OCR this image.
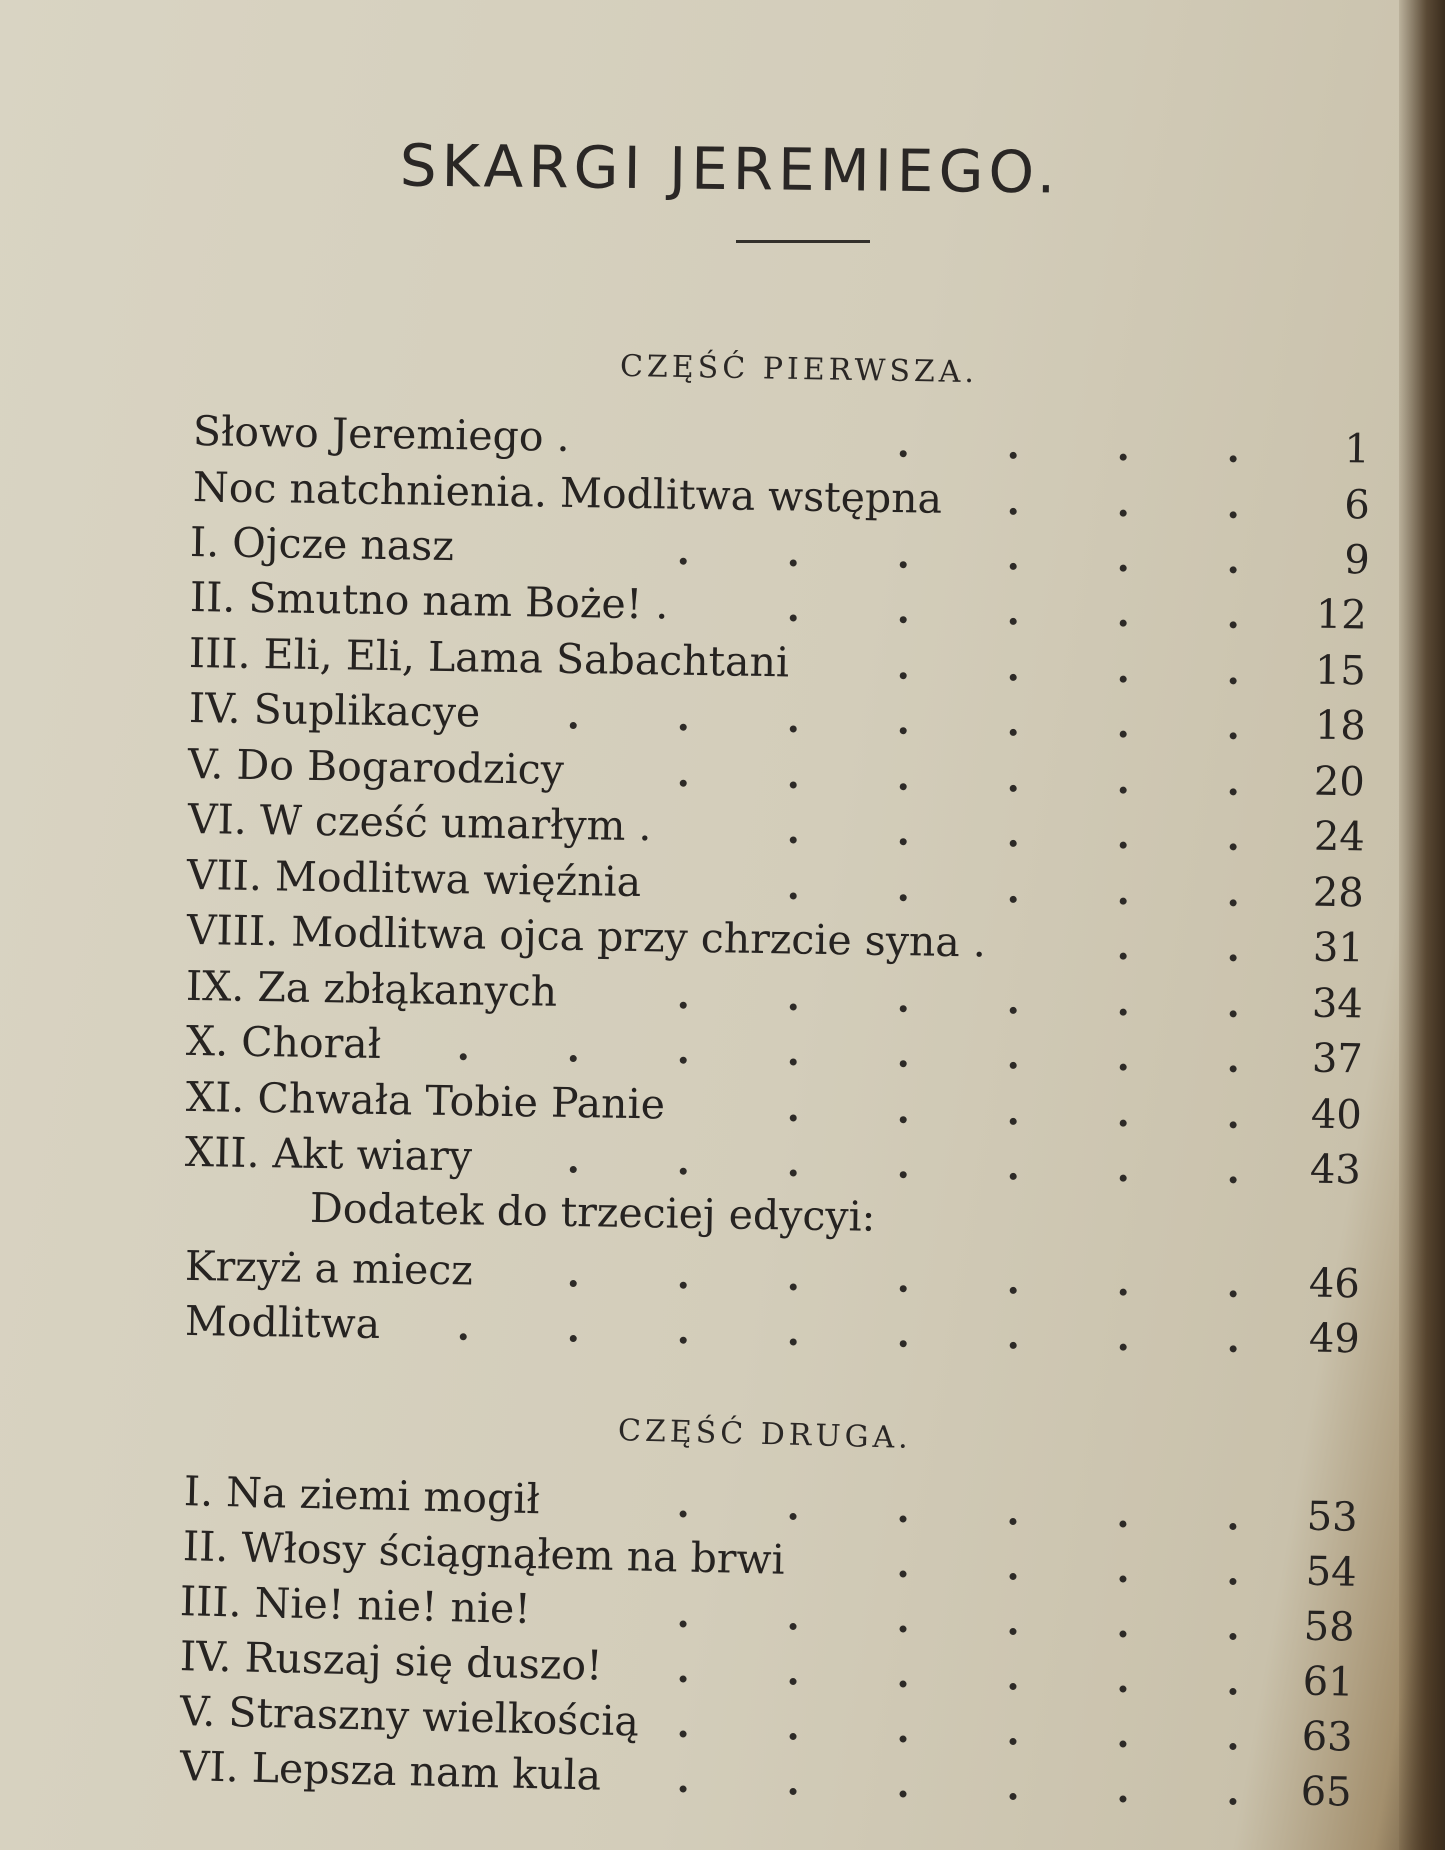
SKARGI JEREMIEGO.
CZĘŚĆ PIERWSZA.
Słowo Jeremiego .	1
Noc natchnienia. Modlitwa wstępna	6
I. Ojcze nasz	9
II. Smutno nam Boże! .	12
III. Eli, Eli, Lama Sabachtani	15
IV. Suplikacye	18
V. Do Bogarodzicy	20
VI. W cześć umarłym .	24
VII. Modlitwa więźnia	28
VIII. Modlitwa ojca przy chrzcie syna .	31
IX. Za zbłąkanych	34
X. Chorał	37
XI. Chwała Tobie Panie	40
XII. Akt wiary	43
Dodatek do trzeciej edycyi:
Krzyż a miecz	46
Modlitwa	49
CZĘŚĆ DRUGA.
I. Na ziemi mogił	53
II. Włosy ściągnąłem na brwi	54
III. Nie! nie! nie!	58
IV. Ruszaj się duszo!	61
V. Straszny wielkością	63
VI. Lepsza nam kula	65
